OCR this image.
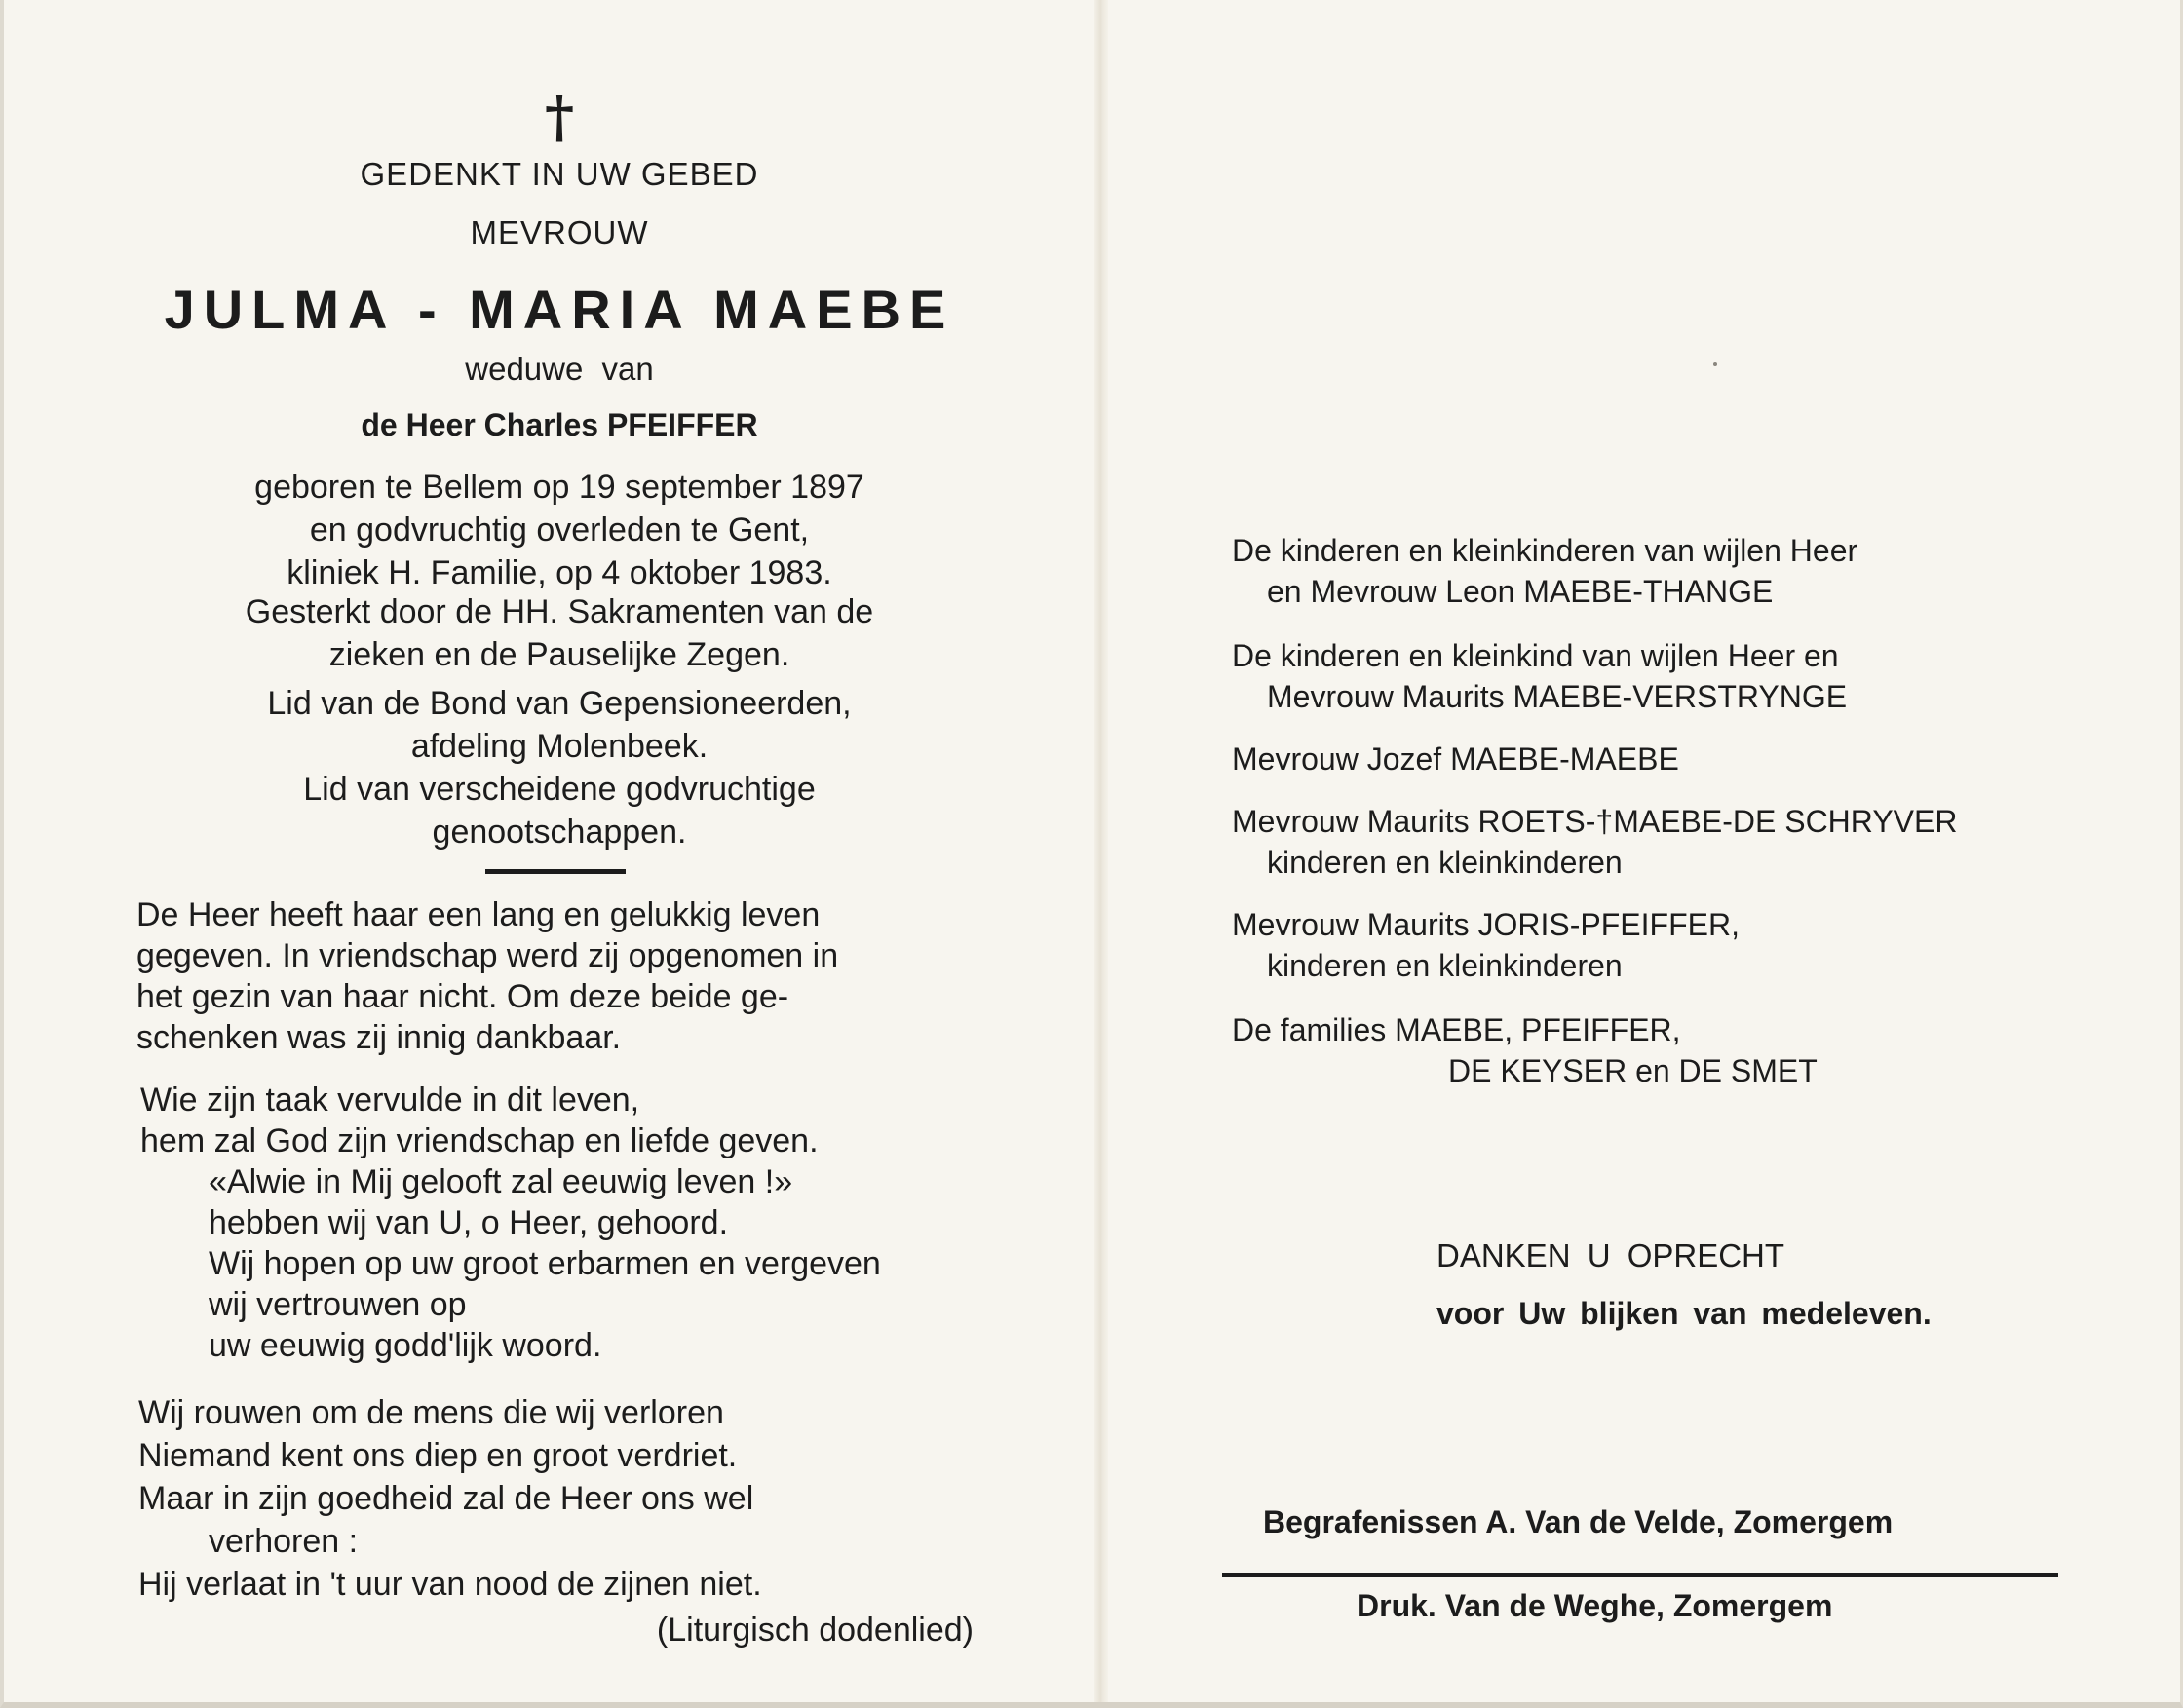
†
GEDENKT IN UW GEBED
MEVROUW
JULMA - MARIA MAEBE
weduwe van
de Heer Charles PFEIFFER
geboren te Bellem op 19 september 1897
en godvruchtig overleden te Gent,
kliniek H. Familie, op 4 oktober 1983.
Gesterkt door de HH. Sakramenten van de
zieken en de Pauselijke Zegen.
Lid van de Bond van Gepensioneerden,
afdeling Molenbeek.
Lid van verscheidene godvruchtige
genootschappen.
De Heer heeft haar een lang en gelukkig leven
gegeven. In vriendschap werd zij opgenomen in
het gezin van haar nicht. Om deze beide ge-
schenken was zij innig dankbaar.
Wie zijn taak vervulde in dit leven,
hem zal God zijn vriendschap en liefde geven.
«Alwie in Mij gelooft zal eeuwig leven !»
hebben wij van U, o Heer, gehoord.
Wij hopen op uw groot erbarmen en vergeven
wij vertrouwen op
uw eeuwig godd'lijk woord.
Wij rouwen om de mens die wij verloren
Niemand kent ons diep en groot verdriet.
Maar in zijn goedheid zal de Heer ons wel
verhoren :
Hij verlaat in 't uur van nood de zijnen niet.
(Liturgisch dodenlied)
De kinderen en kleinkinderen van wijlen Heer
en Mevrouw Leon MAEBE-THANGE
De kinderen en kleinkind van wijlen Heer en
Mevrouw Maurits MAEBE-VERSTRYNGE
Mevrouw Jozef MAEBE-MAEBE
Mevrouw Maurits ROETS-†MAEBE-DE SCHRYVER
kinderen en kleinkinderen
Mevrouw Maurits JORIS-PFEIFFER,
kinderen en kleinkinderen
De families MAEBE, PFEIFFER,
DE KEYSER en DE SMET
DANKEN U OPRECHT
voor Uw blijken van medeleven.
Begrafenissen A. Van de Velde, Zomergem
Druk. Van de Weghe, Zomergem
